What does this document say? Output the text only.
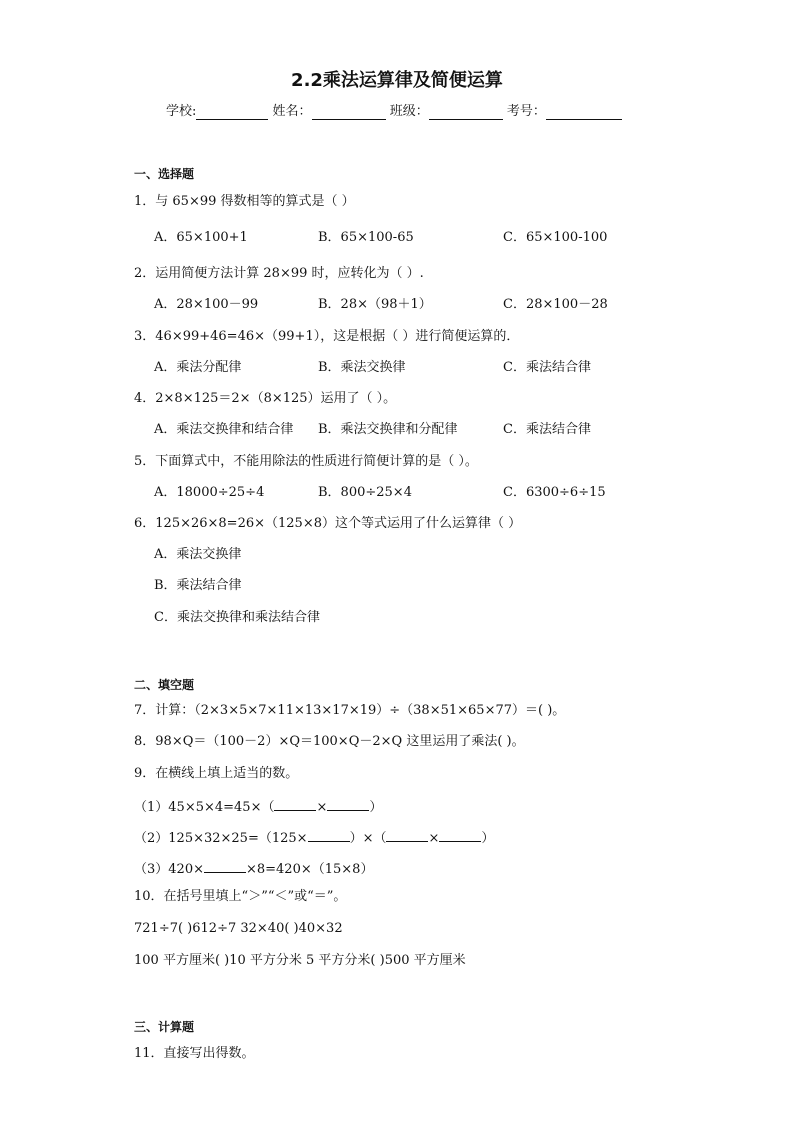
2.2乘法运算律及简便运算
学校:	姓名：	班级：	考号：
一、选择题
1．与 65×99 得数相等的算式是（ ）
A．65×100+1	B．65×100-65	C．65×100-100
2．运用简便方法计算 28×99 时，应转化为（ ）.
A．28×100－99	B．28×（98＋1）	C．28×100－28
3．46×99+46=46×（99+1），这是根据（ ）进行简便运算的．
A．乘法分配律	B．乘法交换律	C．乘法结合律
4．2×8×125＝2×（8×125）运用了（ ）。
A．乘法交换律和结合律 B．乘法交换律和分配律	C．乘法结合律
5．下面算式中，不能用除法的性质进行简便计算的是（ ）。
A．18000÷25÷4	B．800÷25×4	C．6300÷6÷15
6．125×26×8=26×（125×8）这个等式运用了什么运算律（ ）
A．乘法交换律
B．乘法结合律
C．乘法交换律和乘法结合律
二、填空题
7．计算：（2×3×5×7×11×13×17×19）÷（38×51×65×77）＝( )。
8．98×Q＝（100－2）×Q＝100×Q－2×Q 这里运用了乘法( )。
9．在横线上填上适当的数。
（1）45×5×4=45×（	×	）
（2）125×32×25=（125×	）×（	×	）
（3）420×	×8=420×（15×8）
10．在括号里填上“＞”“＜”或“＝”。
721÷7( )612÷7 32×40( )40×32
100 平方厘米( )10 平方分米 5 平方分米( )500 平方厘米
三、计算题
11．直接写出得数。
